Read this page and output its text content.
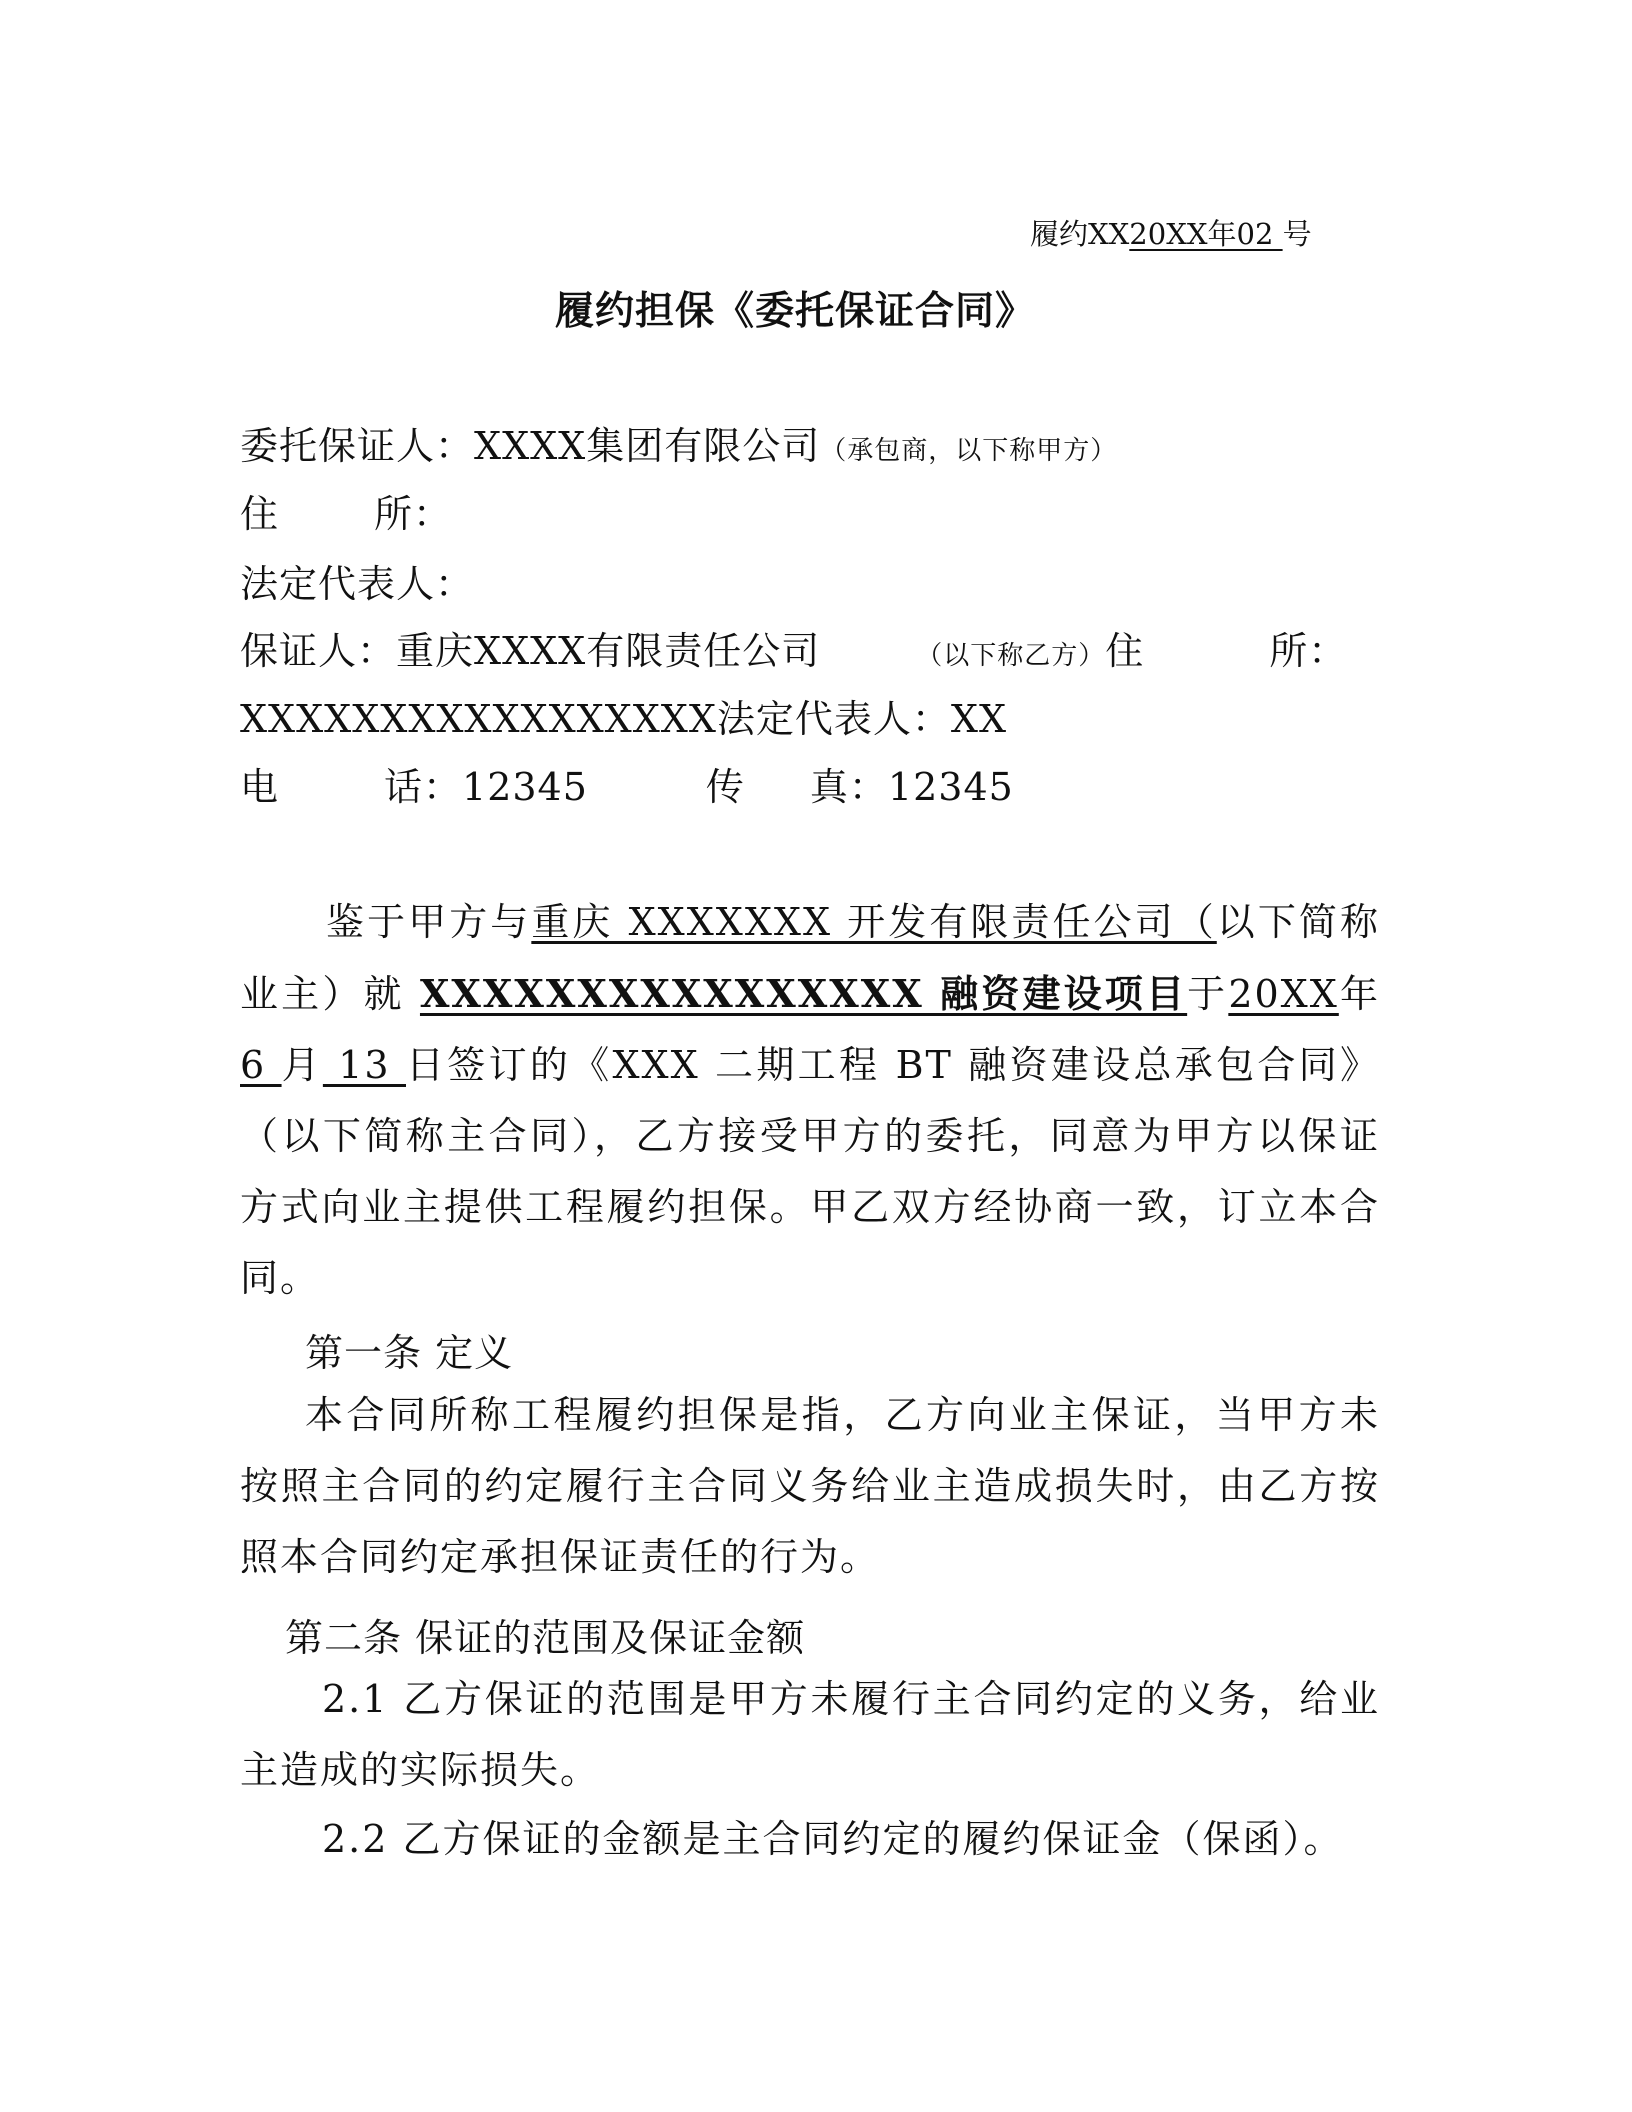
履约XX20XX年02 号
履约担保《委托保证合同》
委托保证人：XXXX集团有限公司（承包商，以下称甲方）
住	所：
法定代表人：
保证人：重庆XXXX有限责任公司	（以下称乙方）住	所：
XXXXXXXXXXXXXXXXX法定代表人：XX
电	话：12345	传 真：12345
鉴于甲方与重庆 XXXXXXX 开发有限责任公司（以下简称业主）就 XXXXXXXXXXXXXXXX 融资建设项目于20XX年 6 月 13 日签订的《XXX 二期工程 BT 融资建设总承包合同》（以下简称主合同），乙方接受甲方的委托，同意为甲方以保证方式向业主提供工程履约担保。甲乙双方经协商一致，订立本合同。
第一条 定义
本合同所称工程履约担保是指，乙方向业主保证，当甲方未按照主合同的约定履行主合同义务给业主造成损失时，由乙方按照本合同约定承担保证责任的行为。
第二条 保证的范围及保证金额
2.1 乙方保证的范围是甲方未履行主合同约定的义务，给业主造成的实际损失。
2.2 乙方保证的金额是主合同约定的履约保证金（保函）。
